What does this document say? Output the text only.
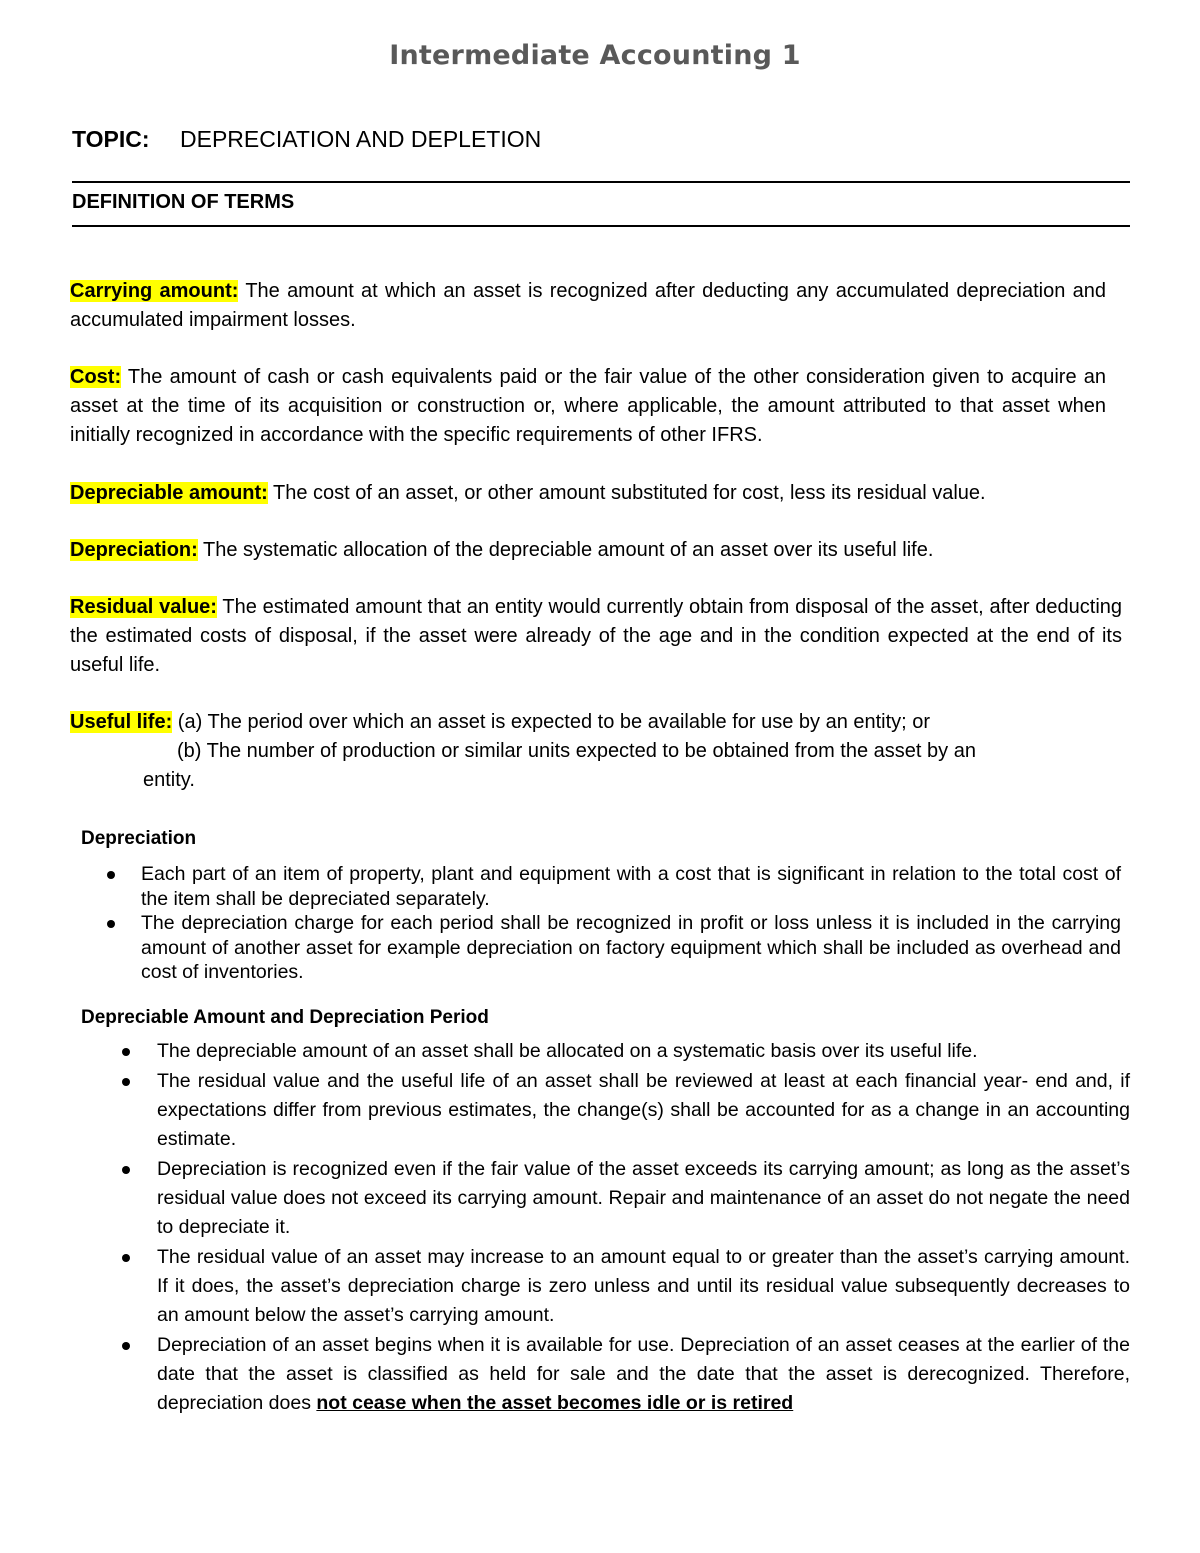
Intermediate Accounting 1
TOPIC: DEPRECIATION AND DEPLETION
DEFINITION OF TERMS
Carrying amount: The amount at which an asset is recognized after deducting any accumulated depreciation and accumulated impairment losses.
Cost: The amount of cash or cash equivalents paid or the fair value of the other consideration given to acquire an asset at the time of its acquisition or construction or, where applicable, the amount attributed to that asset when initially recognized in accordance with the specific requirements of other IFRS.
Depreciable amount: The cost of an asset, or other amount substituted for cost, less its residual value.
Depreciation: The systematic allocation of the depreciable amount of an asset over its useful life.
Residual value: The estimated amount that an entity would currently obtain from disposal of the asset, after deducting the estimated costs of disposal, if the asset were already of the age and in the condition expected at the end of its useful life.
Useful life: (a) The period over which an asset is expected to be available for use by an entity; or
(b) The number of production or similar units expected to be obtained from the asset by an
entity.
Depreciation
Each part of an item of property, plant and equipment with a cost that is significant in relation to the total cost of the item shall be depreciated separately.
The depreciation charge for each period shall be recognized in profit or loss unless it is included in the carrying amount of another asset for example depreciation on factory equipment which shall be included as overhead and cost of inventories.
Depreciable Amount and Depreciation Period
The depreciable amount of an asset shall be allocated on a systematic basis over its useful life.
The residual value and the useful life of an asset shall be reviewed at least at each financial year- end and, if expectations differ from previous estimates, the change(s) shall be accounted for as a change in an accounting estimate.
Depreciation is recognized even if the fair value of the asset exceeds its carrying amount; as long as the asset’s residual value does not exceed its carrying amount. Repair and maintenance of an asset do not negate the need to depreciate it.
The residual value of an asset may increase to an amount equal to or greater than the asset’s carrying amount. If it does, the asset’s depreciation charge is zero unless and until its residual value subsequently decreases to an amount below the asset’s carrying amount.
Depreciation of an asset begins when it is available for use. Depreciation of an asset ceases at the earlier of the date that the asset is classified as held for sale and the date that the asset is derecognized. Therefore, depreciation does not cease when the asset becomes idle or is retired
